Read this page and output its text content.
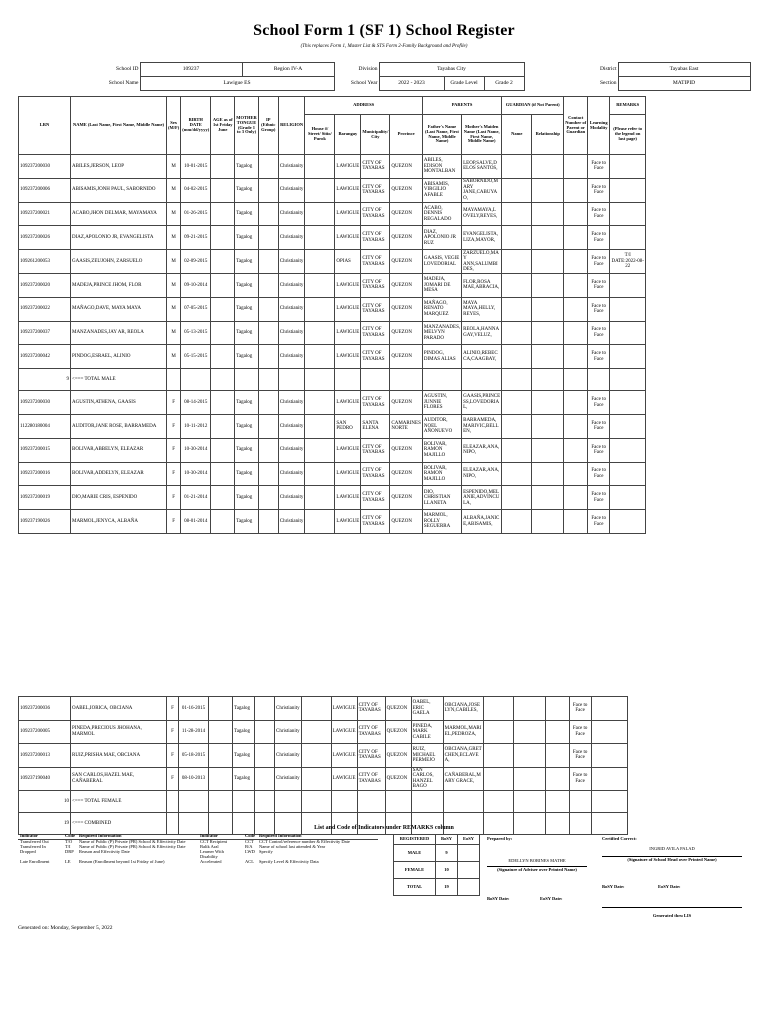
School Form 1 (SF 1) School Register
(This replaces Form 1, Master List & STS Form 2-Family Background and Profile)
School ID	109237	Region IV-A	Division	Tayabas City			District	Tayabas East
School Name	Lawigue ES		School Year	2022 - 2023	Grade Level	Grade 2	Section	MATIPID
LRN	NAME (Last Name, First Name, Middle Name)	Sex (M/F)	BIRTH DATE (mm/dd/yyyy)	AGE as of 1st Friday June	MOTHER TONGUE (Grade 1 to 3 Only)	IP (Ethnic Group)	RELIGION	ADDRESS				PARENTS		GUARDIAN (if Not Parent)		Contact Number of Parent or Guardian	Learning Modality	REMARKS
								House #/ Street/ Sitio/ Purok	Barangay	Municipality/ City	Province	Father's Name (Last Name, First Name, Middle Name)	Mother's Maiden Name (Last Name, First Name, Middle Name)	Name	Relationship			(Please refer to the legend on last page)
109237200030	ABILES,JERSON, LEOP	M	10-01-2015		Tagalog		Christianity		LAWIGUE	CITY OF TAYABAS	QUEZON	ABILES, EDISON MONTALBAN	LEOP,SALVE,D ELOS SANTOS,				Face to Face	
109237200006	ABISAMIS,JONH PAUL, SABORNIDO	M	04-02-2015		Tagalog		Christianity		LAWIGUE	CITY OF TAYABAS	QUEZON	ABISAMIS, VIRGILIO AFABLE	SABORNIDO,M ARY JANE,CABUYA O,				Face to Face	
109237200021	ACABO,JHON DELMAR, MAYAMAYA	M	01-26-2015		Tagalog		Christianity		LAWIGUE	CITY OF TAYABAS	QUEZON	ACABO, DENNIS REGALADO	MAYAMAYA,L OVELY,REYES,				Face to Face	
109237200026	DIAZ,APOLONIO JR, EVANGELISTA	M	09-21-2015		Tagalog		Christianity		LAWIGUE	CITY OF TAYABAS	QUEZON	DIAZ, APOLONIO JR RUZ	EVANGELISTA, LIZA,MAYOR,				Face to Face	
109261200053	GAASIS,ZEUJOHN, ZARSUELO	M	02-09-2015		Tagalog		Christianity		OPIAS	CITY OF TAYABAS	QUEZON	GAASIS, VEGIE LOVEDORIAL	ZARZUELO,MA Y ANN,SALUMBI DES,				Face to Face	T/I DATE:2022-08-22
109237200020	MADEJA,PRINCE JHOM, FLOR	M	09-10-2014		Tagalog		Christianity		LAWIGUE	CITY OF TAYABAS	QUEZON	MADEJA, JOMARI DE MESA	FLOR,ROSA MAE,ABRACIA,				Face to Face	
109237200022	MAÑAGO,DAVE, MAYA MAYA	M	07-05-2015		Tagalog		Christianity		LAWIGUE	CITY OF TAYABAS	QUEZON	MAÑAGO, RENATO MARQUEZ	MAYA MAYA,HELLY, REYES,				Face to Face	
109237200037	MANZANADES,JAY AR, REOLA	M	05-13-2015		Tagalog		Christianity		LAWIGUE	CITY OF TAYABAS	QUEZON	MANZANADES, MELVYN PARADO	REOLA,HANNA GAY,VELUZ,				Face to Face	
109237200042	PINDOG,ESRAEL, ALINIO	M	05-15-2015		Tagalog		Christianity		LAWIGUE	CITY OF TAYABAS	QUEZON	PINDOG, DIMAS ALIAS	ALINIO,REBEC CA,CAAGBAY,				Face to Face	
9	<=== TOTAL MALE																	
109237200030	AGUSTIN,ATHENA, GAASIS	F	08-14-2015		Tagalog		Christianity		LAWIGUE	CITY OF TAYABAS	QUEZON	AGUSTIN, JUNNIE FLORES	GAASIS,PRINCE SS,LOVEDORIA L,				Face to Face	
112280180004	AUDITOR,JANE ROSE, BARRAMEDA	F	10-11-2012		Tagalog		Christianity		SAN PEDRO	SANTA ELENA	CAMARINES NORTE	AUDITOR, NOEL AÑONUEVO	BARRAMEDA, MARIVIC,BELL EN,				Face to Face	
109237200015	BOLIVAR,ABBELYN, ELEAZAR	F	10-30-2014		Tagalog		Christianity		LAWIGUE	CITY OF TAYABAS	QUEZON	BOLIVAR, RAMON MAJILLO	ELEAZAR,ANA, NIPO,				Face to Face	
109237200016	BOLIVAR,ADDELYN, ELEAZAR	F	10-30-2014		Tagalog		Christianity		LAWIGUE	CITY OF TAYABAS	QUEZON	BOLIVAR, RAMON MAJILLO	ELEAZAR,ANA, NIPO,				Face to Face	
109237200019	DIO,MARIE CRIS, ESPENIDO	F	01-21-2014		Tagalog		Christianity		LAWIGUE	CITY OF TAYABAS	QUEZON	DIO, CHRISTIAN LLANETA	ESPENIDO,MEL ANIE,ADVINCU LA,				Face to Face	
109237190026	MARMOL,JENYCA, ALBAÑA	F	08-01-2014		Tagalog		Christianity		LAWIGUE	CITY OF TAYABAS	QUEZON	MARMOL, ROLLY SEGUERRA	ALBAÑA,JANIC E,ABISAMIS,				Face to Face	
109237200036	OABEL,IORICA, OBCIANA	F	01-16-2015		Tagalog		Christianity		LAWIGUE	CITY OF TAYABAS	QUEZON	OABEL, ERIC GAELA	OBCIANA,JOSE LYN,CABILES,				Face to Face	
109237200005	PINEDA,PRECIOUS JHOHANA, MARMOL	F	11-28-2014		Tagalog		Christianity		LAWIGUE	CITY OF TAYABAS	QUEZON	PINEDA, MARK CABILE	MARMOL,MARI EL,PEDROZA,				Face to Face	
109237200013	RUIZ,PRISHA MAE, OBCIANA	F	05-18-2015		Tagalog		Christianity		LAWIGUE	CITY OF TAYABAS	QUEZON	RUIZ, MICHAEL PERMEJO	OBCIANA,GRET CHEN,ECLAVE A,				Face to Face	
109237190040	SAN CARLOS,HAZEL MAE, CAÑABERAL	F	08-10-2013		Tagalog		Christianity		LAWIGUE	CITY OF TAYABAS	QUEZON	SAN CARLOS, HANZEL BAGO	CAÑABERAL,M ARY GRACE,				Face to Face	
10	<=== TOTAL FEMALE																	
19	<=== COMBINED																	
List and Code of Indicators under REMARKS column
Indicator	Code	Required Information	Indicator	Code	Required Information
Transferred Out	T/O	Name of Public (P) Private (PR) School & Effectivity Date	CCT Recipient	CCT	CCT Control/reference number & Effectivity Date
Transferred In	T/I	Name of Public (P) Private (PR) School & Effectivity Date	Balik Aral	B/A	Name of school last attended & Year
Dropped	DRP	Reason and Effectivity Date	Learner With Disability	LWD	Specify
Late Enrollment	LE	Reason (Enrollment beyond 1st Friday of June)	Accelerated	ACL	Specify Level & Effectivity Data
REGISTERED	BoSY	EoSY
MALE	9	
FEMALE	10	
TOTAL	19	
Prepared by:
EDELLYN BORINES MATHE
(Signature of Adviser over Printed Name)
BoSY Date:	EoSY Date:
Certified Correct:
INGRID AVILA PALAD
(Signature of School Head over Printed Name)
BoSY Date:	EoSY Date:
Generated thru LIS
Generated on: Monday, September 5, 2022
